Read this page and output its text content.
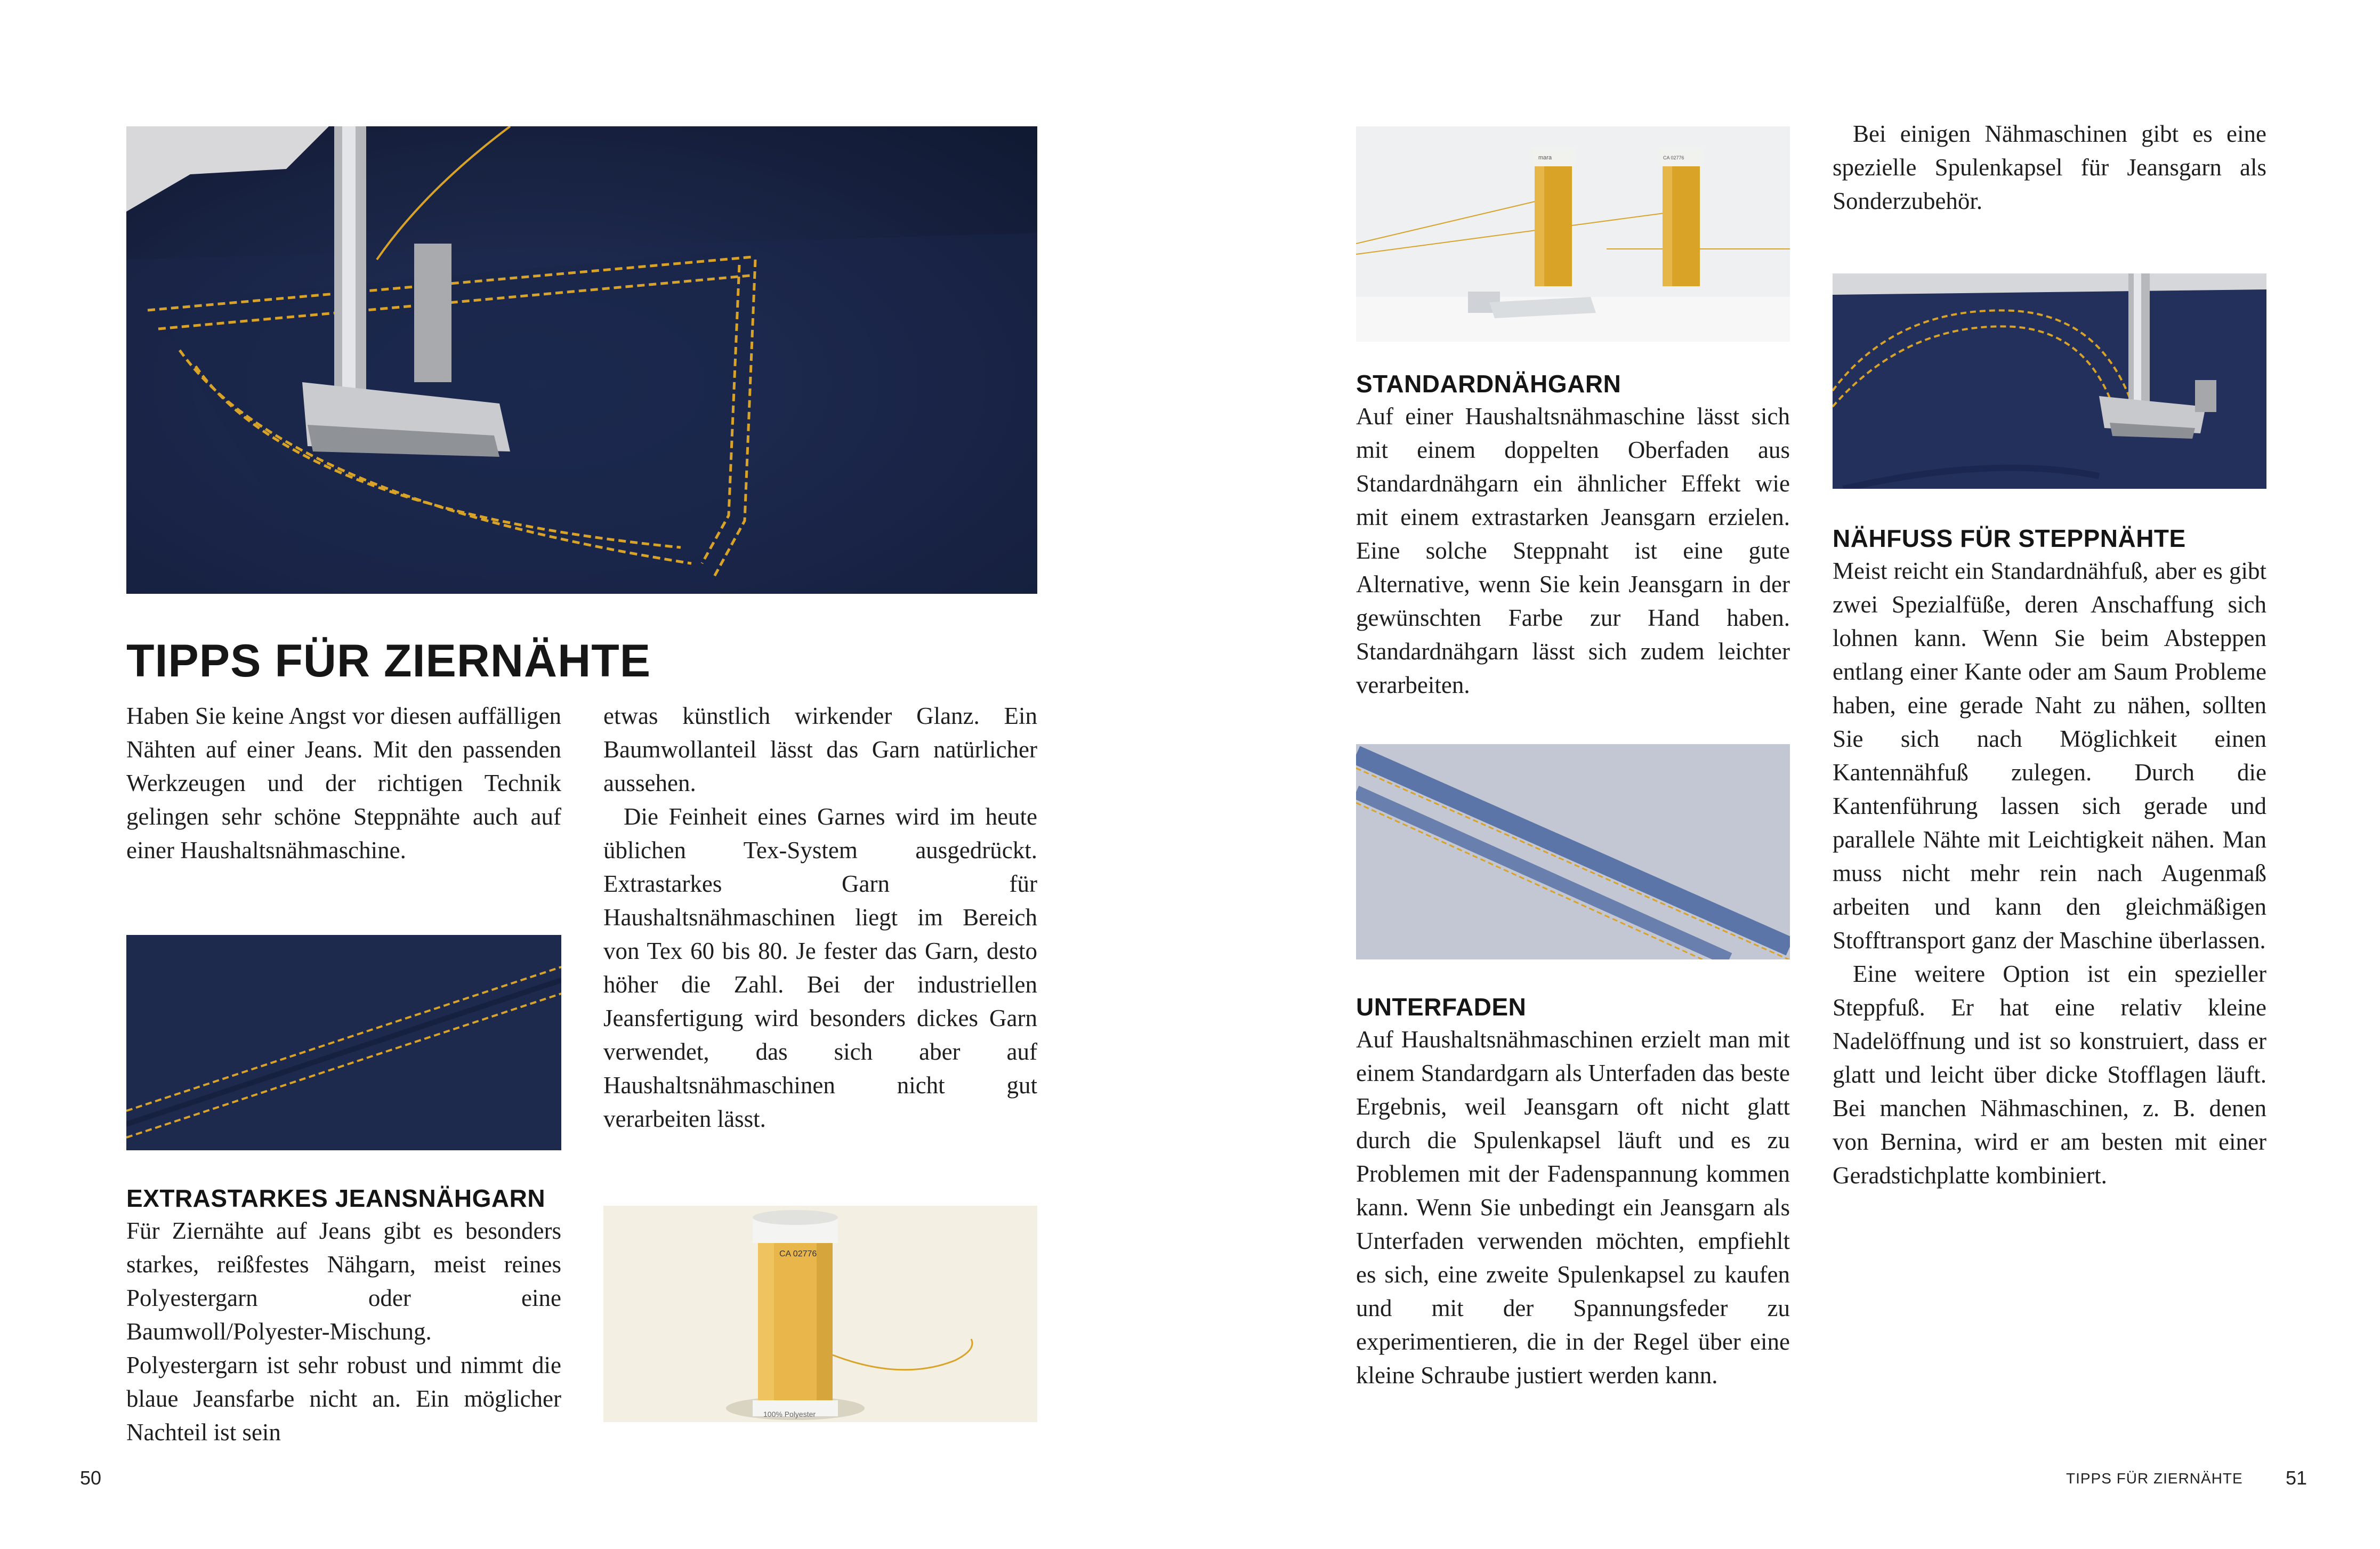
TIPPS FÜR ZIERNÄHTE

Haben Sie keine Angst vor diesen auffälligen Nähten auf einer Jeans. Mit den passenden Werkzeugen und der richtigen Technik gelingen sehr schöne Steppnähte auch auf einer Haushaltsnähmaschine.

EXTRASTARKES JEANSNÄHGARN

Für Ziernähte auf Jeans gibt es besonders starkes, reißfestes Nähgarn, meist reines Polyestergarn oder eine Baumwoll/Polyester-Mischung. Polyestergarn ist sehr robust und nimmt die blaue Jeansfarbe nicht an. Ein möglicher Nachteil ist sein

etwas künstlich wirkender Glanz. Ein Baumwollanteil lässt das Garn natürlicher aussehen.

Die Feinheit eines Garnes wird im heute üblichen Tex-System ausgedrückt. Extrastarkes Garn für Haushaltsnähmaschinen liegt im Bereich von Tex 60 bis 80. Je fester das Garn, desto höher die Zahl. Bei der industriellen Jeansfertigung wird besonders dickes Garn verwendet, das sich aber auf Haushaltsnähmaschinen nicht gut verarbeiten lässt.

CA 02776
100% Polyester
50
mara	CA 02776
STANDARDNÄHGARN

Auf einer Haushaltsnähmaschine lässt sich mit einem doppelten Oberfaden aus Standardnähgarn ein ähnlicher Effekt wie mit einem extrastarken Jeansgarn erzielen. Eine solche Steppnaht ist eine gute Alternative, wenn Sie kein Jeansgarn in der gewünschten Farbe zur Hand haben. Standardnähgarn lässt sich zudem leichter verarbeiten.

UNTERFADEN

Auf Haushaltsnähmaschinen erzielt man mit einem Standardgarn als Unterfaden das beste Ergebnis, weil Jeansgarn oft nicht glatt durch die Spulenkapsel läuft und es zu Problemen mit der Fadenspannung kommen kann. Wenn Sie unbedingt ein Jeansgarn als Unterfaden verwenden möchten, empfiehlt es sich, eine zweite Spulenkapsel zu kaufen und mit der Spannungsfeder zu experimentieren, die in der Regel über eine kleine Schraube justiert werden kann.

Bei einigen Nähmaschinen gibt es eine spezielle Spulenkapsel für Jeansgarn als Sonderzubehör.

NÄHFUSS FÜR STEPPNÄHTE

Meist reicht ein Standardnähfuß, aber es gibt zwei Spezialfüße, deren Anschaffung sich lohnen kann. Wenn Sie beim Absteppen entlang einer Kante oder am Saum Probleme haben, eine gerade Naht zu nähen, sollten Sie sich nach Möglichkeit einen Kantennähfuß zulegen. Durch die Kantenführung lassen sich gerade und parallele Nähte mit Leichtigkeit nähen. Man muss nicht mehr rein nach Augenmaß arbeiten und kann den gleichmäßigen Stofftransport ganz der Maschine überlassen.

Eine weitere Option ist ein spezieller Steppfuß. Er hat eine relativ kleine Nadelöffnung und ist so konstruiert, dass er glatt und leicht über dicke Stofflagen läuft. Bei manchen Nähmaschinen, z. B. denen von Bernina, wird er am besten mit einer Geradstichplatte kombiniert.

TIPPS FÜR ZIERNÄHTE 51
